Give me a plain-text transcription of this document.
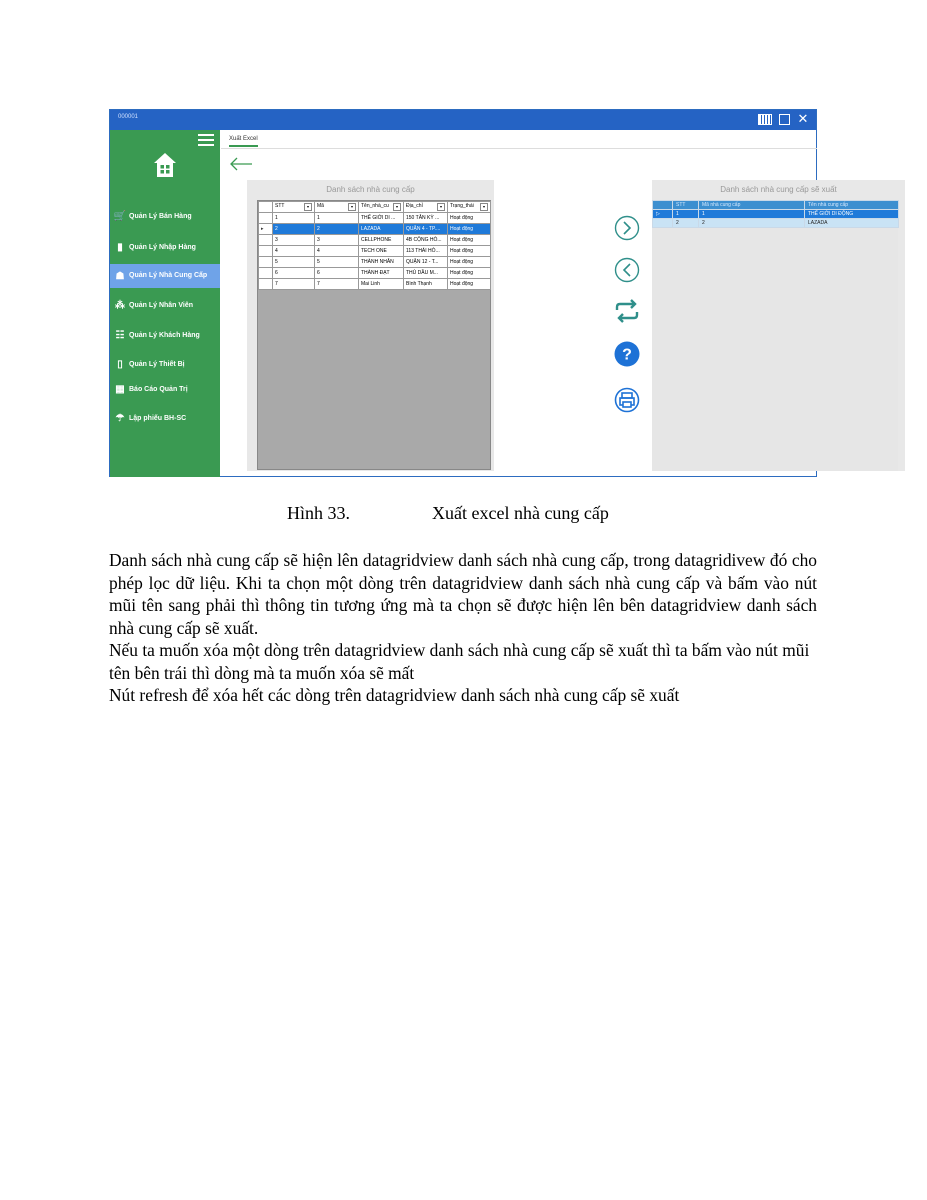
000001	✕
🛒 Quản Lý Bán Hàng
▮ Quản Lý Nhập Hàng
☗ Quản Lý Nhà Cung Cấp
⁂ Quản Lý Nhân Viên
☷ Quản Lý Khách Hàng
▯ Quản Lý Thiết Bị
▦ Báo Cáo Quản Trị
☂ Lập phiếu BH-SC
Xuất Excel
Danh sách nhà cung cấp
	STT ▾	Mã ▾	Tên_nhà_cu ▾	Địa_chỉ ▾	Trạng_thái ▾

	1	1	THẾ GIỚI DI ...	150 TÂN KỲ ...	Hoạt động
▸	2	2	LAZADA	QUẬN 4 - TP....	Hoạt động
	3	3	CELLPHONE	4B CỘNG HÒ...	Hoạt động
	4	4	TECH ONE	113 THÁI HÒ...	Hoạt động
	5	5	THÀNH NHÂN	QUẬN 12 - T...	Hoạt động
	6	6	THÀNH ĐẠT	THỦ DẦU M...	Hoạt động
	7	7	Mai Linh	Bình Thạnh	Hoạt động
?
Danh sách nhà cung cấp sẽ xuất
	STT	Mã nhà cung cấp	Tên nhà cung cấp
▷	1	1	THẾ GIỚI DI ĐỘNG
	2	2	LAZADA
Hình 33.	Xuất excel nhà cung cấp
Danh sách nhà cung cấp sẽ hiện lên datagridview danh sách nhà cung cấp, trong datagridivew đó cho phép lọc dữ liệu. Khi ta chọn một dòng trên datagridview danh sách nhà cung cấp và bấm vào nút mũi tên sang phải thì thông tin tương ứng mà ta chọn sẽ được hiện lên bên datagridview danh sách nhà cung cấp sẽ xuất.
Nếu ta muốn xóa một dòng trên datagridview danh sách nhà cung cấp sẽ xuất thì ta bấm vào nút mũi tên bên trái thì dòng mà ta muốn xóa sẽ mất
Nút refresh để xóa hết các dòng trên datagridview danh sách nhà cung cấp sẽ xuất
